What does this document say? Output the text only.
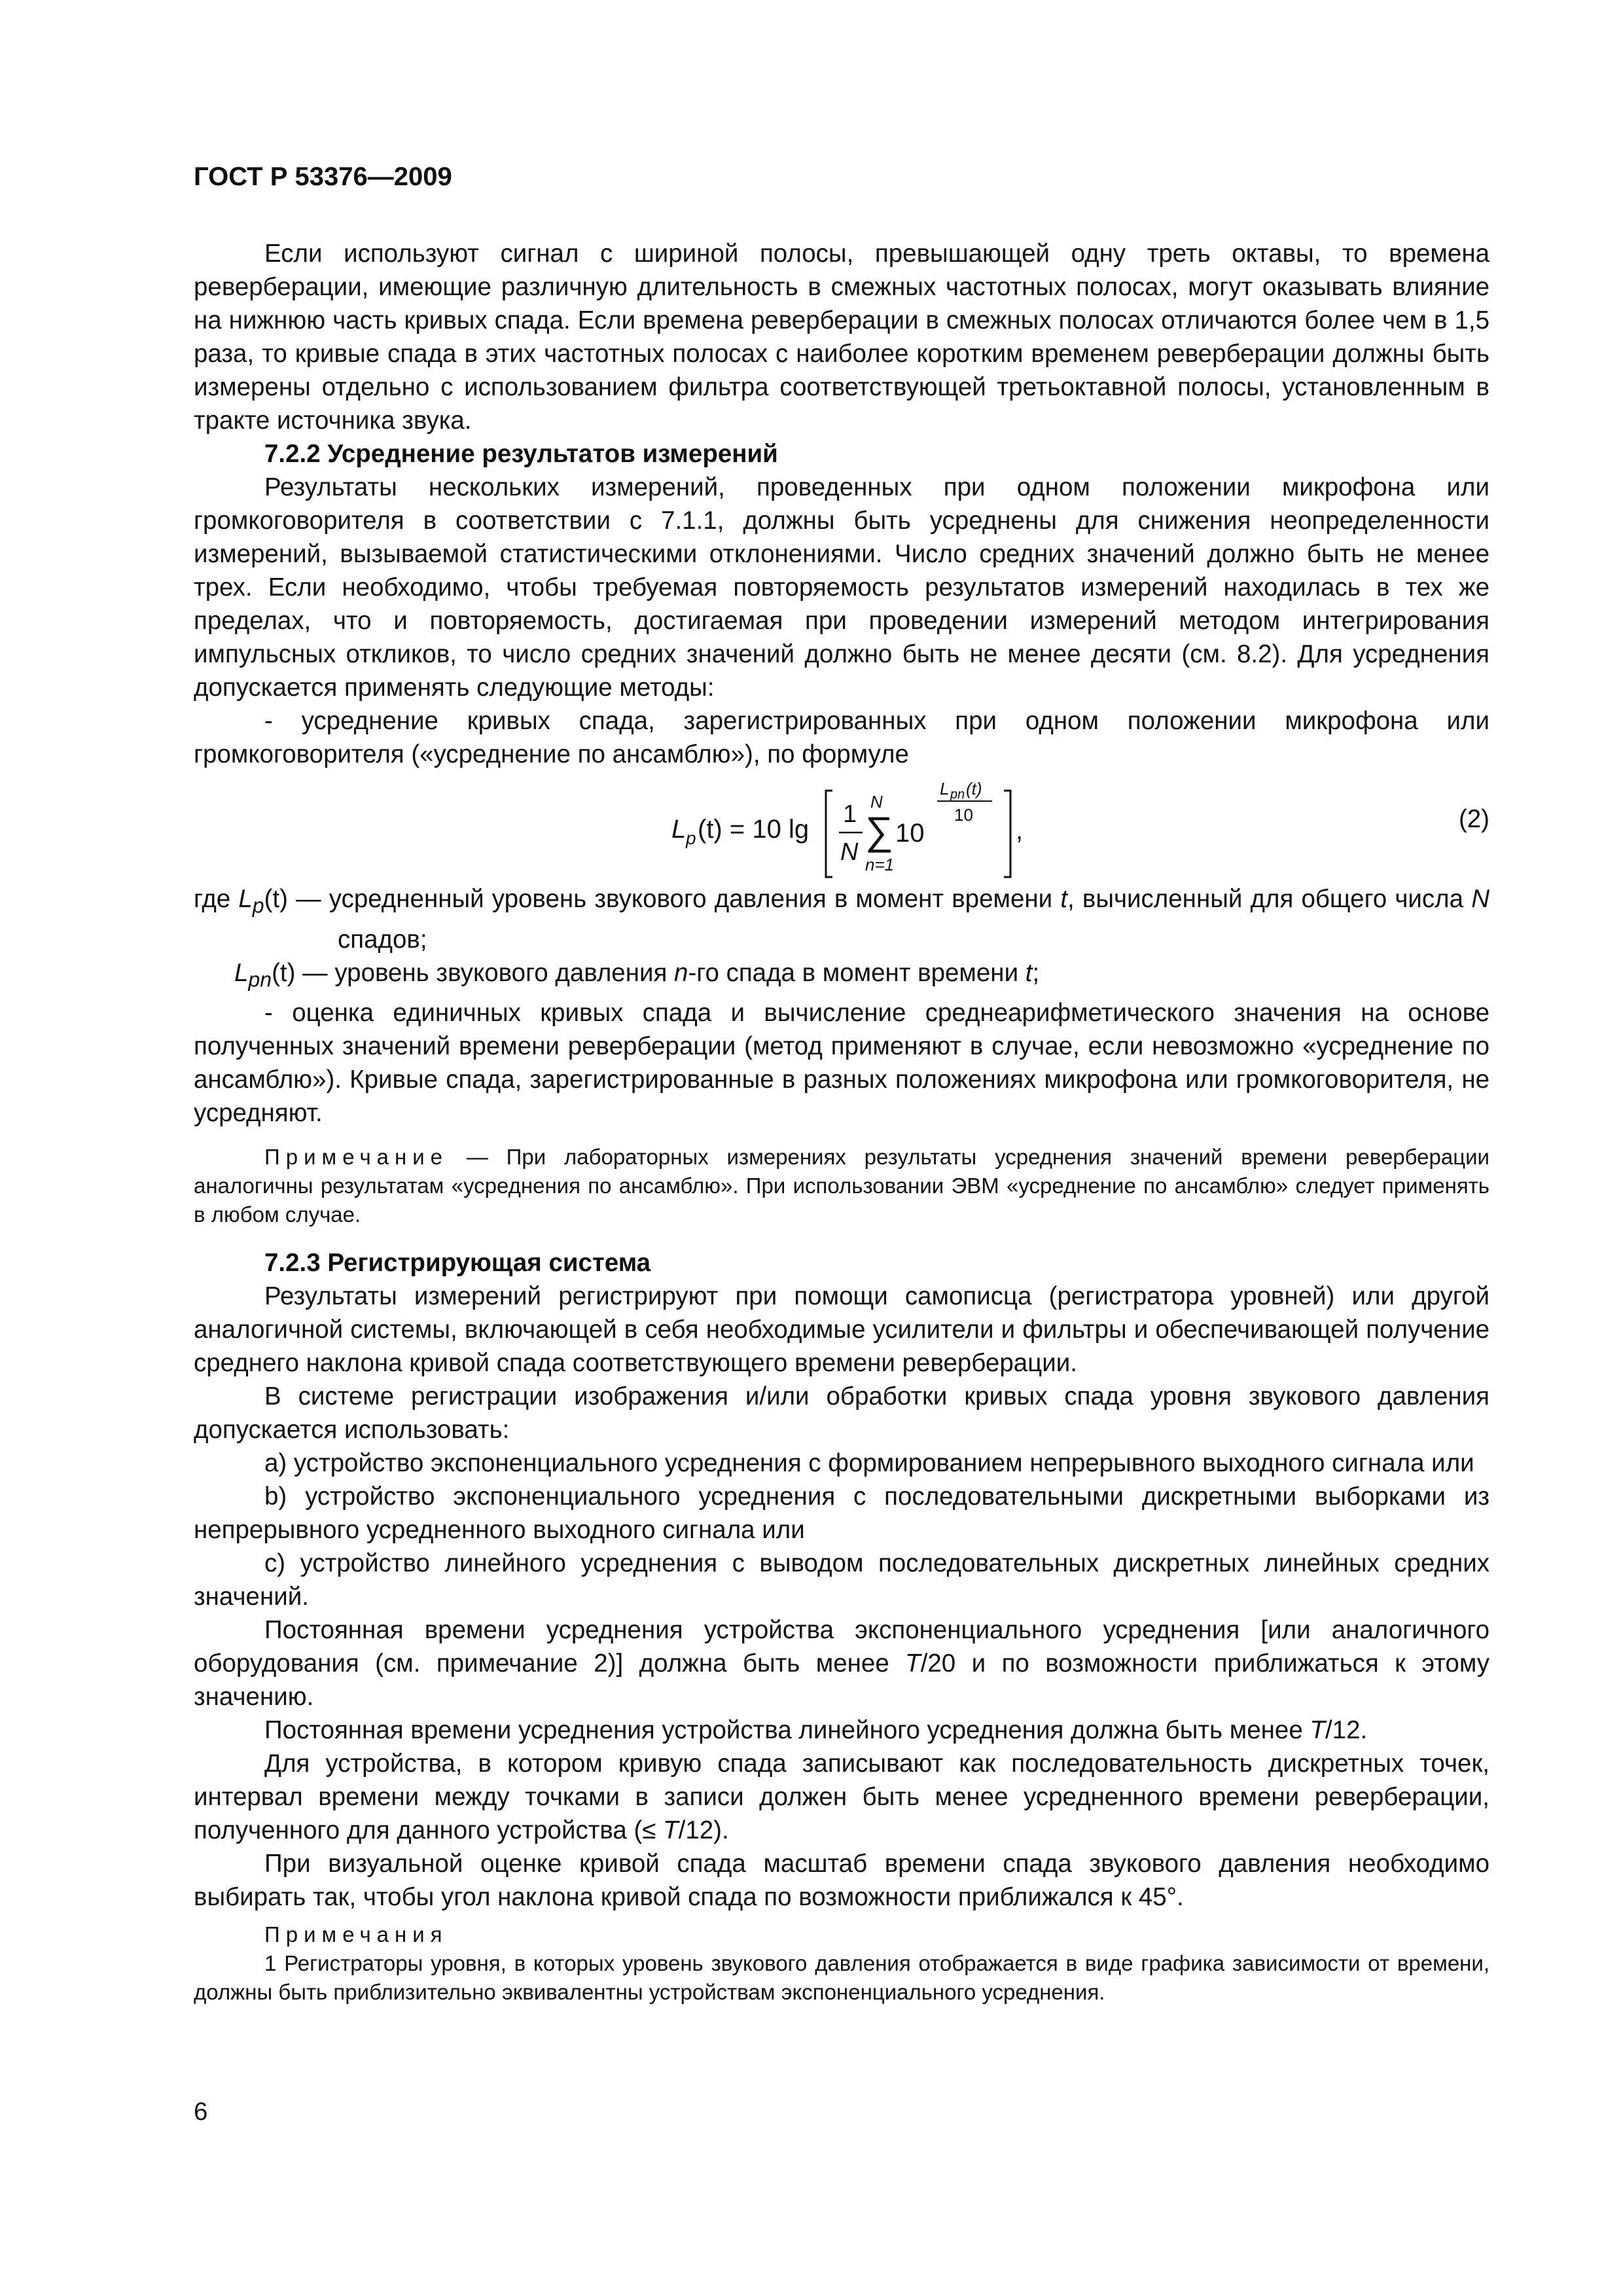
ГОСТ Р 53376—2009

Если используют сигнал с шириной полосы, превышающей одну треть октавы, то времена реверберации, имеющие различную длительность в смежных частотных полосах, могут оказывать влияние на нижнюю часть кривых спада. Если времена реверберации в смежных полосах отличаются более чем в 1,5 раза, то кривые спада в этих частотных полосах с наиболее коротким временем реверберации должны быть измерены отдельно с использованием фильтра соответствующей третьоктавной полосы, установленным в тракте источника звука.

7.2.2 Усреднение результатов измерений

Результаты нескольких измерений, проведенных при одном положении микрофона или громкоговорителя в соответствии с 7.1.1, должны быть усреднены для снижения неопределенности измерений, вызываемой статистическими отклонениями. Число средних значений должно быть не менее трех. Если необходимо, чтобы требуемая повторяемость результатов измерений находилась в тех же пределах, что и повторяемость, достигаемая при проведении измерений методом интегрирования импульсных откликов, то число средних значений должно быть не менее десяти (см. 8.2). Для усреднения допускается применять следующие методы:

- усреднение кривых спада, зарегистрированных при одном положении микрофона или громкоговорителя («усреднение по ансамблю»), по формуле

L p (t) = 10 lg
1
N
N
∑
n=1
10
L pn (t)
10
,	(2)

где $L_p(t)$ — усредненный уровень звукового давления в момент времени t, вычисленный для общего числа N спадов;

$L_{pn}(t)$ — уровень звукового давления n-го спада в момент времени t;

- оценка единичных кривых спада и вычисление среднеарифметического значения на основе полученных значений времени реверберации (метод применяют в случае, если невозможно «усреднение по ансамблю»). Кривые спада, зарегистрированные в разных положениях микрофона или громкоговорителя, не усредняют.

Примечание — При лабораторных измерениях результаты усреднения значений времени реверберации аналогичны результатам «усреднения по ансамблю». При использовании ЭВМ «усреднение по ансамблю» следует применять в любом случае.

7.2.3 Регистрирующая система

Результаты измерений регистрируют при помощи самописца (регистратора уровней) или другой аналогичной системы, включающей в себя необходимые усилители и фильтры и обеспечивающей получение среднего наклона кривой спада соответствующего времени реверберации.

В системе регистрации изображения и/или обработки кривых спада уровня звукового давления допускается использовать:

а) устройство экспоненциального усреднения с формированием непрерывного выходного сигнала или

b) устройство экспоненциального усреднения с последовательными дискретными выборками из непрерывного усредненного выходного сигнала или

с) устройство линейного усреднения с выводом последовательных дискретных линейных средних значений.

Постоянная времени усреднения устройства экспоненциального усреднения [или аналогичного оборудования (см. примечание 2)] должна быть менее T/20 и по возможности приближаться к этому значению.

Постоянная времени усреднения устройства линейного усреднения должна быть менее T/12.

Для устройства, в котором кривую спада записывают как последовательность дискретных точек, интервал времени между точками в записи должен быть менее усредненного времени реверберации, полученного для данного устройства (≤ T/12).

При визуальной оценке кривой спада масштаб времени спада звукового давления необходимо выбирать так, чтобы угол наклона кривой спада по возможности приближался к 45°.

Примечания

1 Регистраторы уровня, в которых уровень звукового давления отображается в виде графика зависимости от времени, должны быть приблизительно эквивалентны устройствам экспоненциального усреднения.

6
